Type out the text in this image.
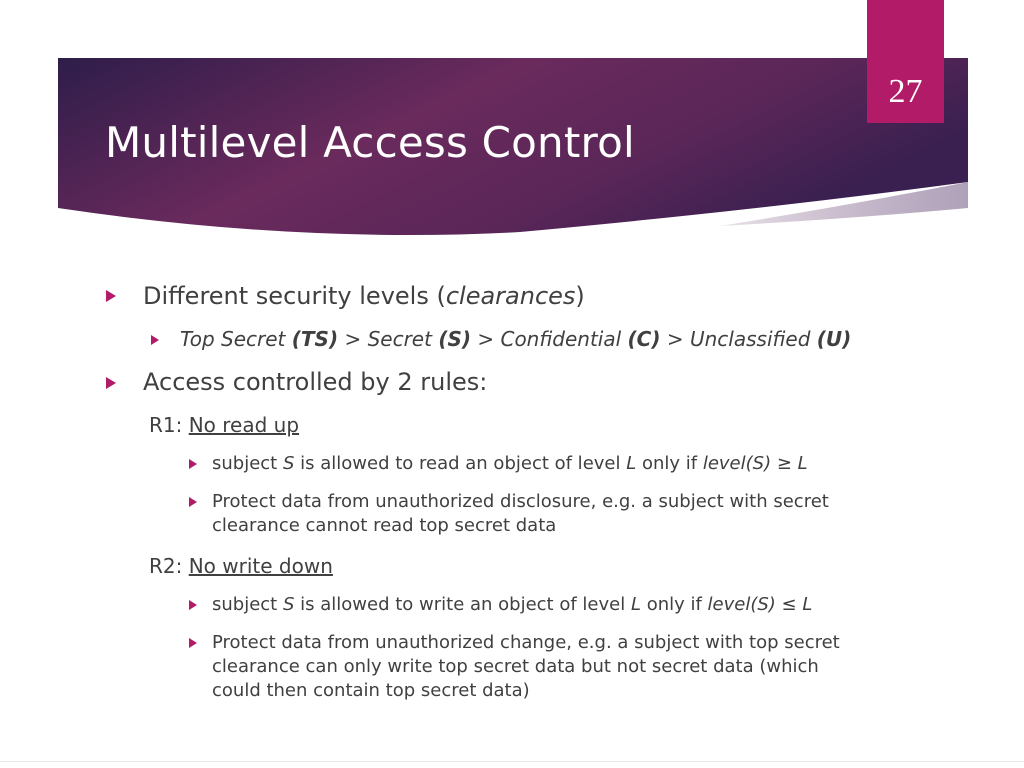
Multilevel Access Control
27
Different security levels (clearances)
Top Secret (TS) > Secret (S) > Confidential (C) > Unclassified (U)
Access controlled by 2 rules:
R1: No read up
subject S is allowed to read an object of level L only if level(S) ≥ L
Protect data from unauthorized disclosure, e.g. a subject with secret
clearance cannot read top secret data
R2: No write down
subject S is allowed to write an object of level L only if level(S) ≤ L
Protect data from unauthorized change, e.g. a subject with top secret
clearance can only write top secret data but not secret data (which
could then contain top secret data)
